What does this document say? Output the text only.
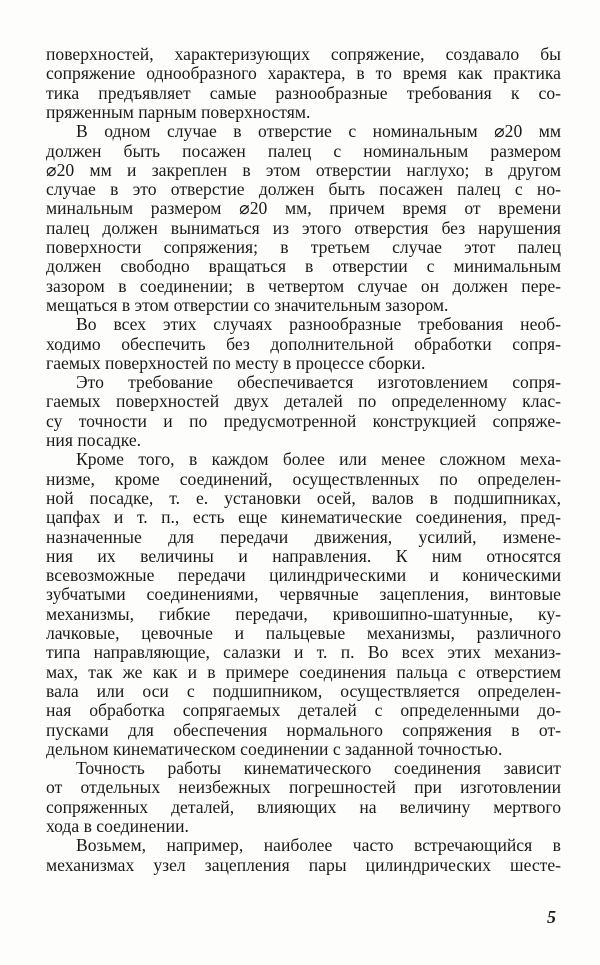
поверхностей, характеризующих сопряжение, создавало бы
сопряжение однообразного характера, в то время как практика
тика предъявляет самые разнообразные требования к со-
пряженным парным поверхностям.
В одном случае в отверстие с номинальным ⌀20 мм
должен быть посажен палец с номинальным размером
⌀20 мм и закреплен в этом отверстии наглухо; в другом
случае в это отверстие должен быть посажен палец с но-
минальным размером ⌀20 мм, причем время от времени
палец должен выниматься из этого отверстия без нарушения
поверхности сопряжения; в третьем случае этот палец
должен свободно вращаться в отверстии с минимальным
зазором в соединении; в четвертом случае он должен пере-
мещаться в этом отверстии со значительным зазором.
Во всех этих случаях разнообразные требования необ-
ходимо обеспечить без дополнительной обработки сопря-
гаемых поверхностей по месту в процессе сборки.
Это требование обеспечивается изготовлением сопря-
гаемых поверхностей двух деталей по определенному клас-
су точности и по предусмотренной конструкцией сопряже-
ния посадке.
Кроме того, в каждом более или менее сложном меха-
низме, кроме соединений, осуществленных по определен-
ной посадке, т. е. установки осей, валов в подшипниках,
цапфах и т. п., есть еще кинематические соединения, пред-
назначенные для передачи движения, усилий, измене-
ния их величины и направления. К ним относятся
всевозможные передачи цилиндрическими и коническими
зубчатыми соединениями, червячные зацепления, винтовые
механизмы, гибкие передачи, кривошипно-шатунные, ку-
лачковые, цевочные и пальцевые механизмы, различного
типа направляющие, салазки и т. п. Во всех этих механиз-
мах, так же как и в примере соединения пальца с отверстием
вала или оси с подшипником, осуществляется определен-
ная обработка сопрягаемых деталей с определенными до-
пусками для обеспечения нормального сопряжения в от-
дельном кинематическом соединении с заданной точностью.
Точность работы кинематического соединения зависит
от отдельных неизбежных погрешностей при изготовлении
сопряженных деталей, влияющих на величину мертвого
хода в соединении.
Возьмем, например, наиболее часто встречающийся в
механизмах узел зацепления пары цилиндрических шесте-
5
